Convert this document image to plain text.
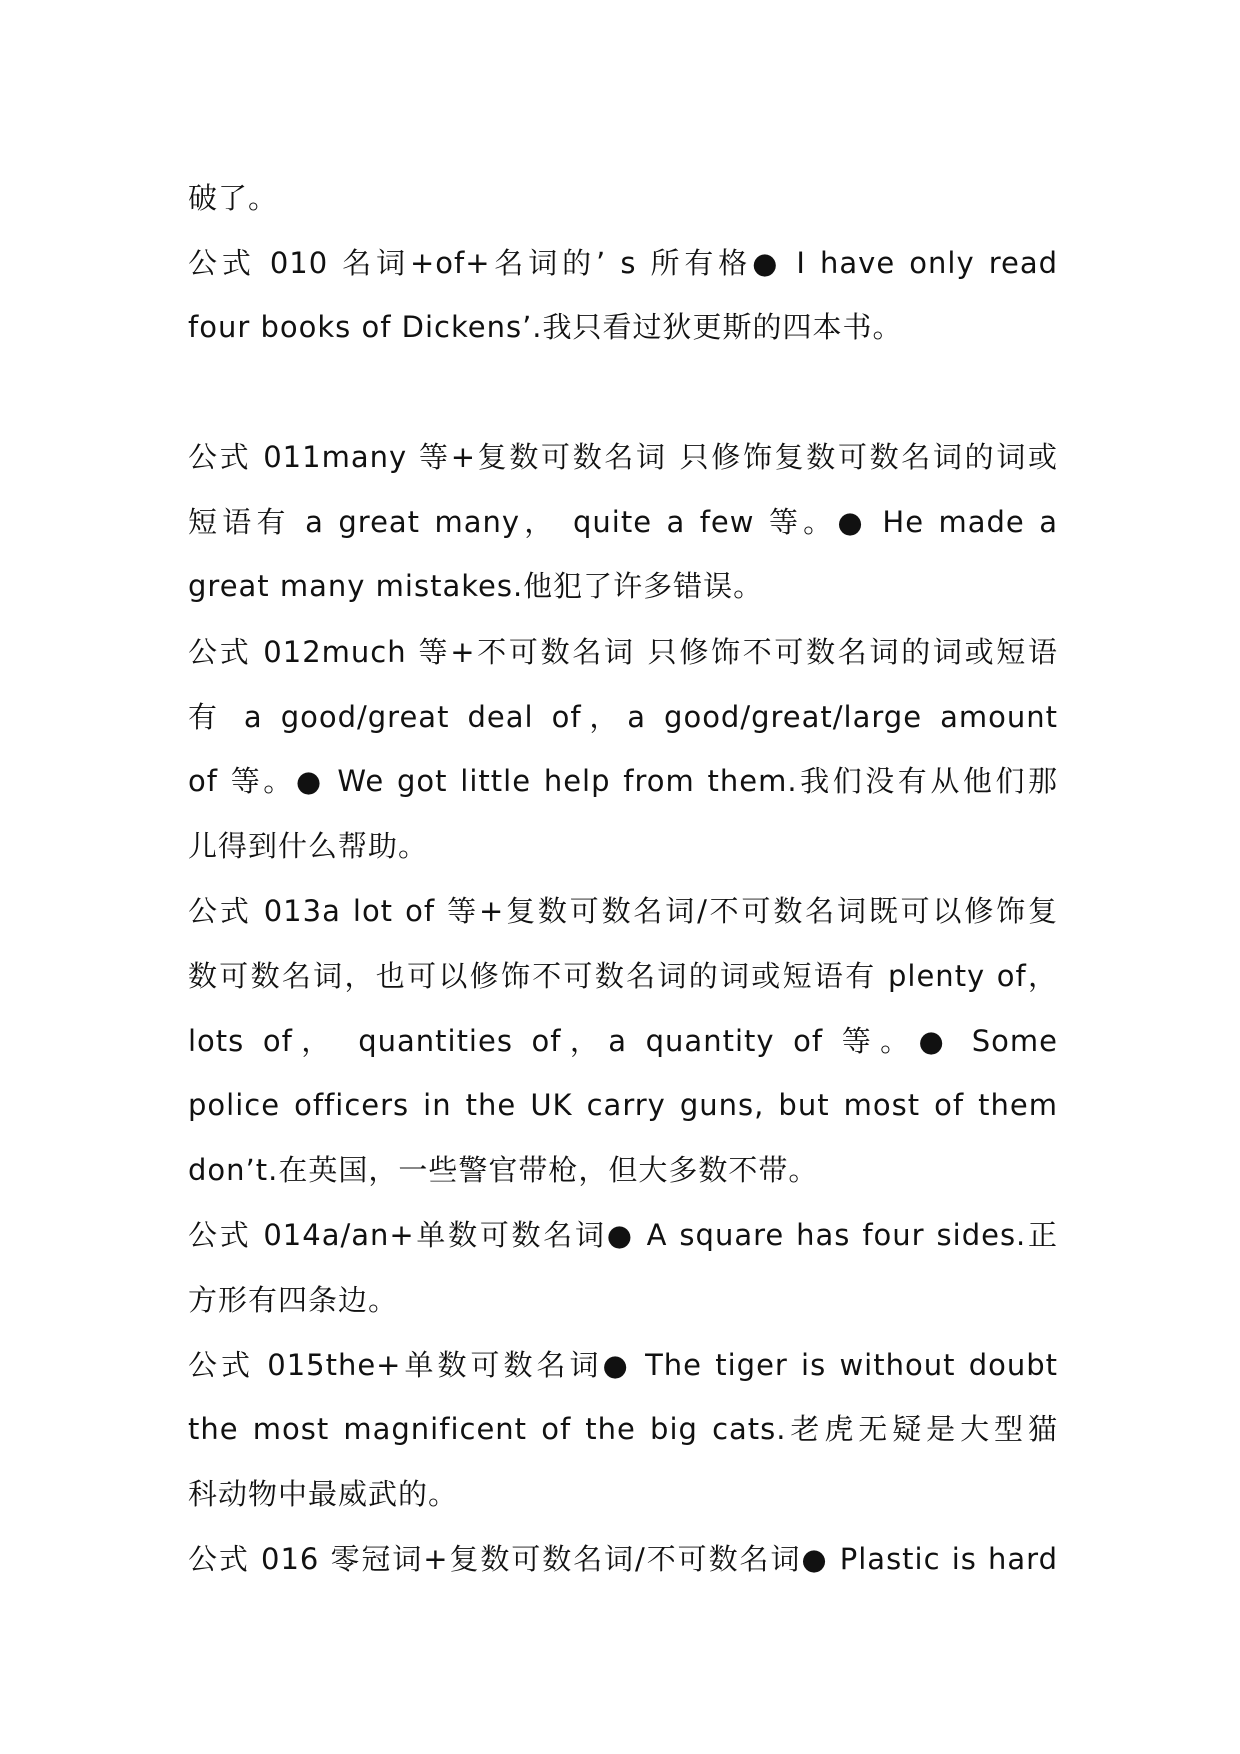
破了。
公式 010 名词+of+名词的’ s 所有格● I have only read
four books of Dickens’.我只看过狄更斯的四本书。
公式 011many 等+复数可数名词 只修饰复数可数名词的词或
短语有 a great many， quite a few 等。● He made a
great many mistakes.他犯了许多错误。
公式 012much 等+不可数名词 只修饰不可数名词的词或短语
有 a good/great deal of，a good/great/large amount
of 等。● We got little help from them.我们没有从他们那
儿得到什么帮助。
公式 013a lot of 等+复数可数名词/不可数名词既可以修饰复
数可数名词，也可以修饰不可数名词的词或短语有 plenty of，
lots of， quantities of，a quantity of 等。● Some
police officers in the UK carry guns, but most of them
don’t.在英国，一些警官带枪，但大多数不带。
公式 014a/an+单数可数名词● A square has four sides.正
方形有四条边。
公式 015the+单数可数名词● The tiger is without doubt
the most magnificent of the big cats.老虎无疑是大型猫
科动物中最威武的。
公式 016 零冠词+复数可数名词/不可数名词● Plastic is hard
